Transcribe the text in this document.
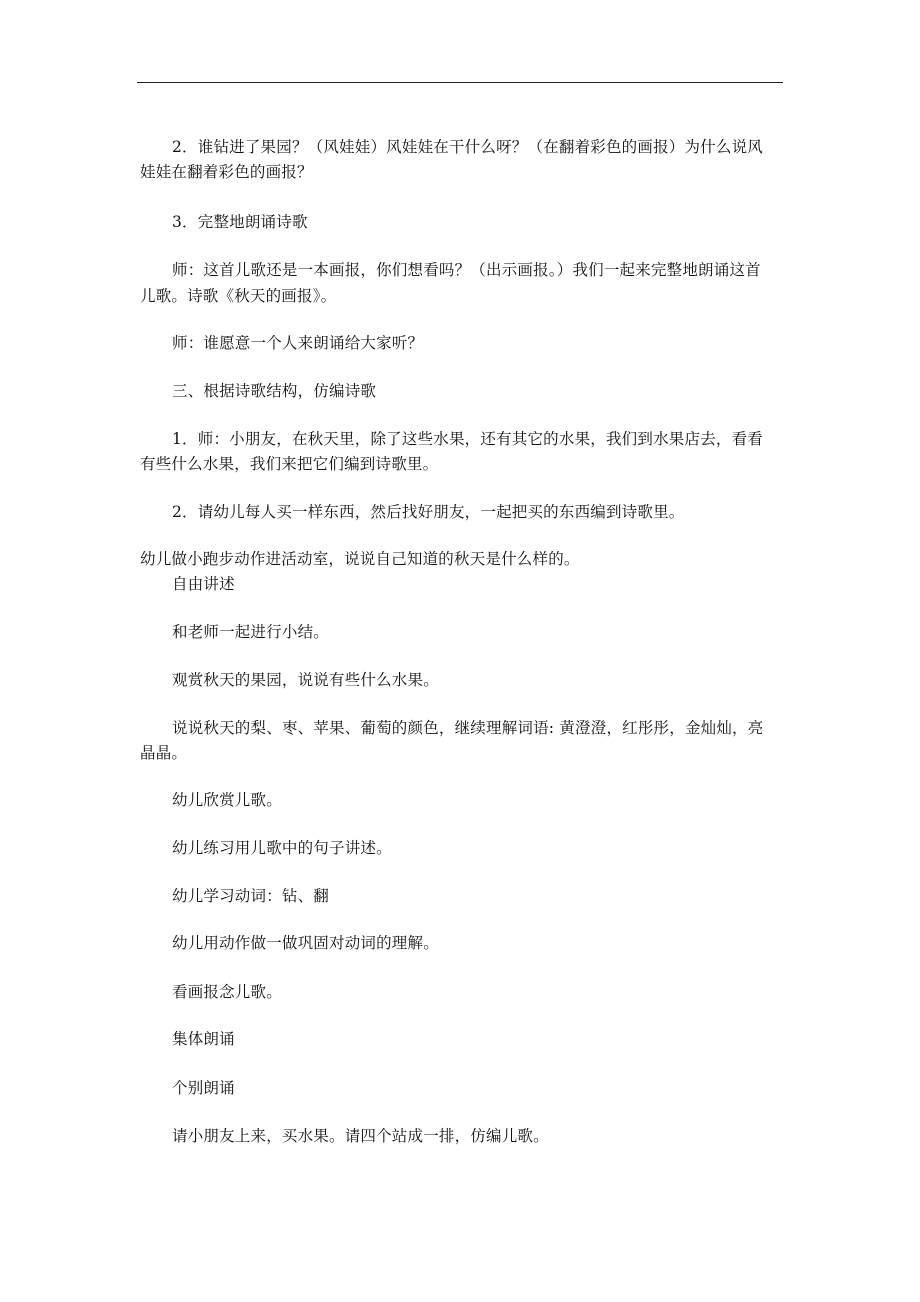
2．谁钻进了果园？（风娃娃）风娃娃在干什么呀？（在翻着彩色的画报）为什么说风
娃娃在翻着彩色的画报？
3．完整地朗诵诗歌
师：这首儿歌还是一本画报，你们想看吗？（出示画报。）我们一起来完整地朗诵这首
儿歌。诗歌《秋天的画报》。
师：谁愿意一个人来朗诵给大家听？
三、根据诗歌结构，仿编诗歌
1．师：小朋友，在秋天里，除了这些水果，还有其它的水果，我们到水果店去，看看
有些什么水果，我们来把它们编到诗歌里。
2．请幼儿每人买一样东西，然后找好朋友，一起把买的东西编到诗歌里。
幼儿做小跑步动作进活动室，说说自己知道的秋天是什么样的。
自由讲述
和老师一起进行小结。
观赏秋天的果园，说说有些什么水果。
说说秋天的梨、枣、苹果、葡萄的颜色，继续理解词语: 黄澄澄，红彤彤，金灿灿，亮
晶晶。
幼儿欣赏儿歌。
幼儿练习用儿歌中的句子讲述。
幼儿学习动词：钻、翻
幼儿用动作做一做巩固对动词的理解。
看画报念儿歌。
集体朗诵
个别朗诵
请小朋友上来，买水果。请四个站成一排，仿编儿歌。
